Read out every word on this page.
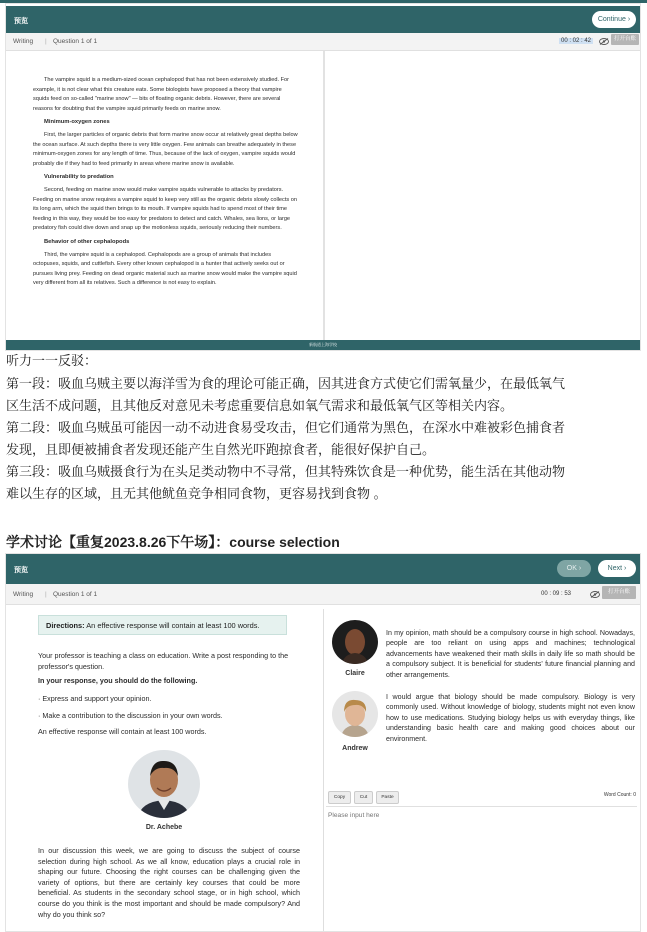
预览	Continue ›
Writing | Question 1 of 1	00 : 02 : 42	打开台账

The vampire squid is a medium-sized ocean cephalopod that has not been extensively studied. For example, it is not clear what this creature eats. Some biologists have proposed a theory that vampire squids feed on so-called "marine snow" — bits of floating organic debris. However, there are several reasons for doubting that the vampire squid primarily feeds on marine snow.

Minimum-oxygen zones

First, the larger particles of organic debris that form marine snow occur at relatively great depths below the ocean surface. At such depths there is very little oxygen. Few animals can breathe adequately in these minimum-oxygen zones for any length of time. Thus, because of the lack of oxygen, vampire squids would probably die if they had to feed primarily in areas where marine snow is available.

Vulnerability to predation

Second, feeding on marine snow would make vampire squids vulnerable to attacks by predators. Feeding on marine snow requires a vampire squid to keep very still as the organic debris slowly collects on its long arm, which the squid then brings to its mouth. If vampire squids had to spend most of their time feeding in this way, they would be too easy for predators to detect and catch. Whales, sea lions, or large predatory fish could dive down and snap up the motionless squids, seriously reducing their numbers.

Behavior of other cephalopods

Third, the vampire squid is a cephalopod. Cephalopods are a group of animals that includes octopuses, squids, and cuttlefish. Every other known cephalopod is a hunter that actively seeks out or pursues living prey. Feeding on dead organic material such as marine snow would make the vampire squid very different from all its relatives. Such a difference is not easy to explain.

新航道上海学校
听力一一反驳：
第一段：吸血乌贼主要以海洋雪为食的理论可能正确，因其进食方式使它们需氧量少，在最低氧气
区生活不成问题，且其他反对意见未考虑重要信息如氧气需求和最低氧气区等相关内容。
第二段：吸血乌贼虽可能因一动不动进食易受攻击，但它们通常为黑色，在深水中难被彩色捕食者
发现，且即便被捕食者发现还能产生自然光吓跑掠食者，能很好保护自己。
第三段：吸血乌贼摄食行为在头足类动物中不寻常，但其特殊饮食是一种优势，能生活在其他动物
难以生存的区域，且无其他鱿鱼竞争相同食物，更容易找到食物 。
学术讨论【重复2023.8.26下午场】：course selection
预览	OK ›	Next ›
Writing | Question 1 of 1	00 : 09 : 53	打开台账
Directions: An effective response will contain at least 100 words.
Your professor is teaching a class on education. Write a post responding to the professor's question.
In your response, you should do the following.
· Express and support your opinion.
· Make a contribution to the discussion in your own words.
An effective response will contain at least 100 words.
Dr. Achebe
In our discussion this week, we are going to discuss the subject of course selection during high school. As we all know, education plays a crucial role in shaping our future. Choosing the right courses can be challenging given the variety of options, but there are certainly key courses that could be more beneficial. As students in the secondary school stage, or in high school, which course do you think is the most important and should be made compulsory? And why do you think so?
Claire
In my opinion, math should be a compulsory course in high school. Nowadays, people are too reliant on using apps and machines; technological advancements have weakened their math skills in daily life so math should be a compulsory subject. It is beneficial for students' future financial planning and other arrangements.
Andrew
I would argue that biology should be made compulsory. Biology is very commonly used. Without knowledge of biology, students might not even know how to use medications. Studying biology helps us with everyday things, like understanding basic health care and making good choices about our environment.
Copy	Cut	Paste	Word Count: 0
Please input here
